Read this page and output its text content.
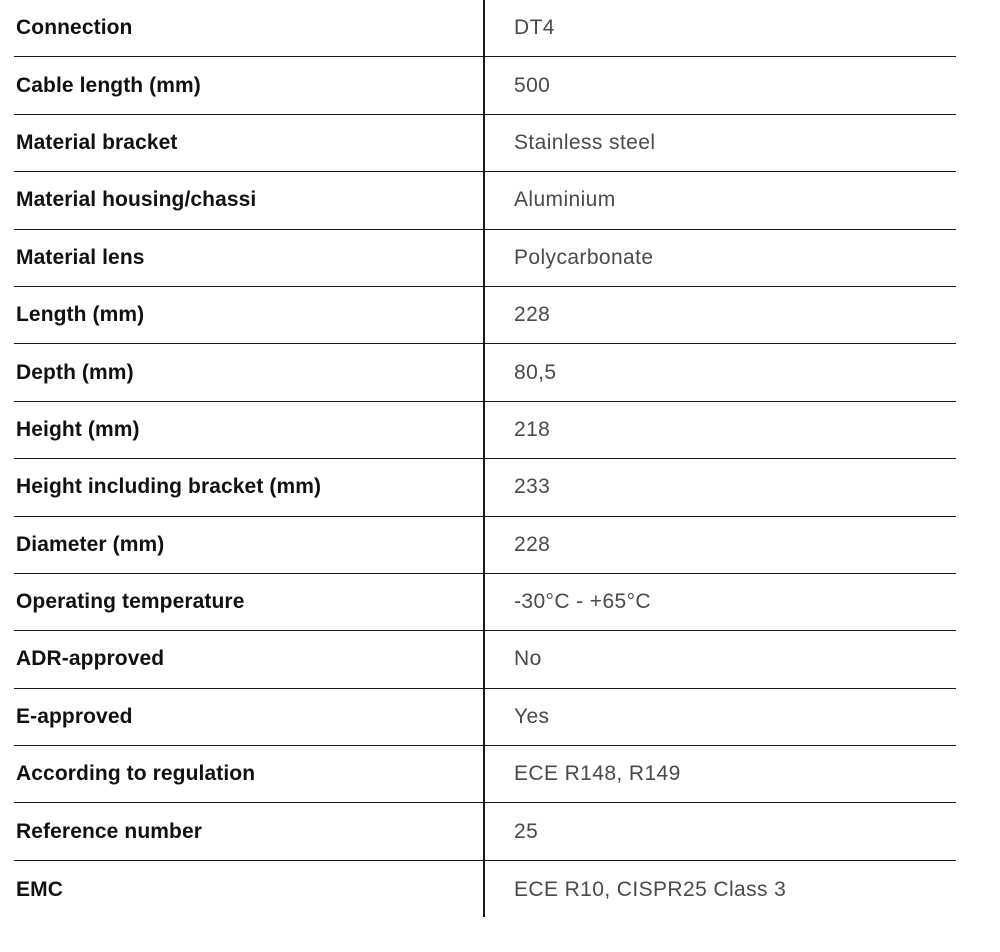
Connection	DT4
Cable length (mm)	500
Material bracket	Stainless steel
Material housing/chassi	Aluminium
Material lens	Polycarbonate
Length (mm)	228
Depth (mm)	80,5
Height (mm)	218
Height including bracket (mm)	233
Diameter (mm)	228
Operating temperature	-30°C - +65°C
ADR-approved	No
E-approved	Yes
According to regulation	ECE R148, R149
Reference number	25
EMC	ECE R10, CISPR25 Class 3
